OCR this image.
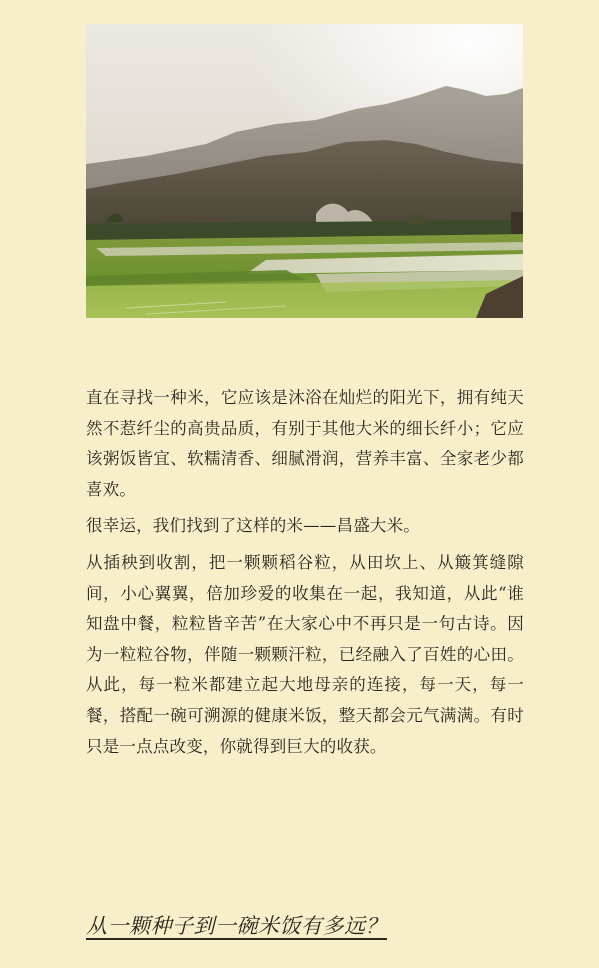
直在寻找一种米，它应该是沐浴在灿烂的阳光下，拥有纯天然不惹纤尘的高贵品质，有别于其他大米的细长纤小；它应该粥饭皆宜、软糯清香、细腻滑润，营养丰富、全家老少都喜欢。

很幸运，我们找到了这样的米——昌盛大米。

从插秧到收割，把一颗颗稻谷粒，从田坎上、从簸箕缝隙间，小心翼翼，倍加珍爱的收集在一起，我知道，从此“谁知盘中餐，粒粒皆辛苦”在大家心中不再只是一句古诗。因为一粒粒谷物，伴随一颗颗汗粒，已经融入了百姓的心田。从此，每一粒米都建立起大地母亲的连接，每一天，每一餐，搭配一碗可溯源的健康米饭，整天都会元气满满。有时只是一点点改变，你就得到巨大的收获。

从一颗种子到一碗米饭有多远？
